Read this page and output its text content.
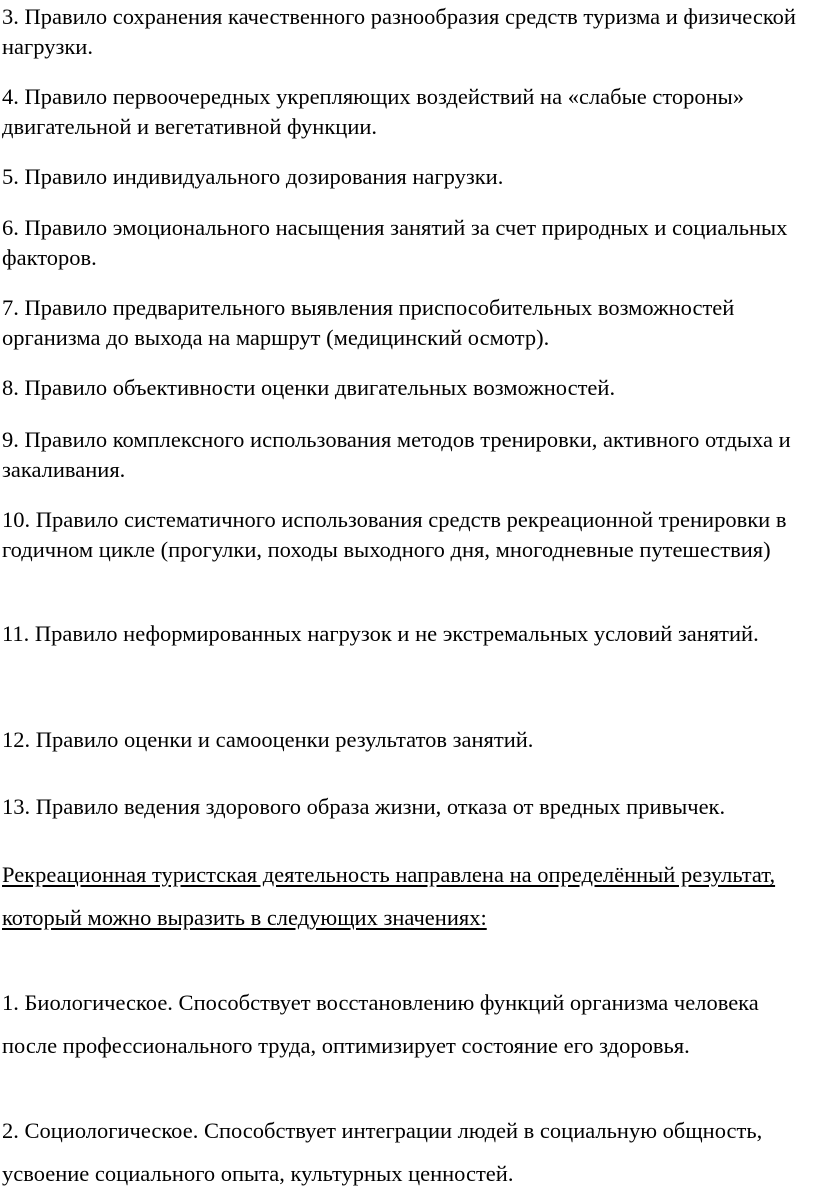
3. Правило сохранения качественного разнообразия средств туризма и физической нагрузки.

4. Правило первоочередных укрепляющих воздействий на «слабые стороны» двигательной и вегетативной функции.

5. Правило индивидуального дозирования нагрузки.

6. Правило эмоционального насыщения занятий за счет природных и социальных факторов.

7. Правило предварительного выявления приспособительных возможностей организма до выхода на маршрут (медицинский осмотр).

8. Правило объективности оценки двигательных возможностей.

9. Правило комплексного использования методов тренировки, активного отдыха и закаливания.

10. Правило систематичного использования средств рекреационной тренировки в годичном цикле (прогулки, походы выходного дня, многодневные путешествия)

11. Правило неформированных нагрузок и не экстремальных условий занятий.

12. Правило оценки и самооценки результатов занятий.

13. Правило ведения здорового образа жизни, отказа от вредных привычек.

Рекреационная туристская деятельность направлена на определённый результат, который можно выразить в следующих значениях:

1. Биологическое. Способствует восстановлению функций организма человека после профессионального труда, оптимизирует состояние его здоровья.

2. Социологическое. Способствует интеграции людей в социальную общность, усвоение социального опыта, культурных ценностей.
